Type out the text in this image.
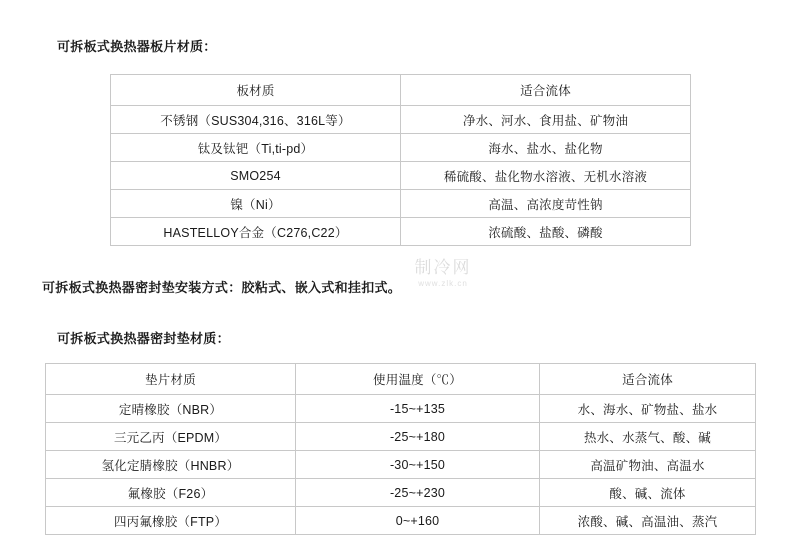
可拆板式换热器板片材质：
板材质	适合流体
不锈钢（SUS304,316、316L等）	净水、河水、食用盐、矿物油
钛及钛钯（Ti,ti-pd）	海水、盐水、盐化物
SMO254	稀硫酸、盐化物水溶液、无机水溶液
镍（Ni）	高温、高浓度苛性钠
HASTELLOY合金（C276,C22）	浓硫酸、盐酸、磷酸
制冷网
www.zlk.cn
可拆板式换热器密封垫安装方式：胶粘式、嵌入式和挂扣式。
可拆板式换热器密封垫材质：
垫片材质	使用温度（℃）	适合流体
定晴橡胶（NBR）	-15~+135	水、海水、矿物盐、盐水
三元乙丙（EPDM）	-25~+180	热水、水蒸气、酸、碱
氢化定腈橡胶（HNBR）	-30~+150	高温矿物油、高温水
氟橡胶（F26）	-25~+230	酸、碱、流体
四丙氟橡胶（FTP）	0~+160	浓酸、碱、高温油、蒸汽
